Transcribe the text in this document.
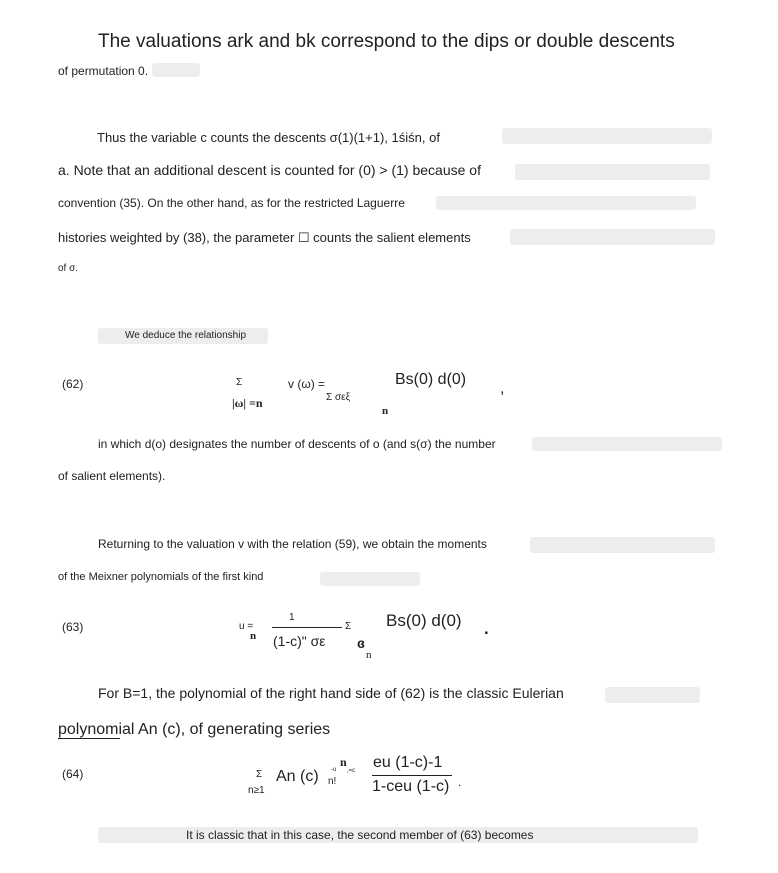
The valuations ark and bk correspond to the dips or double descents
of permutation 0.
Thus the variable c counts the descents σ(1)(1+1), 1śiśn, of
a. Note that an additional descent is counted for (0) > (1) because of
convention (35). On the other hand, as for the restricted Laguerre
histories weighted by (38), the parameter ☐ counts the salient elements
of σ.
We deduce the relationship
(62)	Σ
|ω| =n
v (ω) =
Σ σεξ
n
Bs(0) d(0)
,
in which d(o) designates the number of descents of o (and s(σ) the number
of salient elements).
Returning to the valuation v with the relation (59), we obtain the moments
of the Meixner polynomials of the first kind
(63)	u =
n
1
(1-c)" σε
Σ
ɞ
n
Bs(0) d(0) .
For B=1, the polynomial of the right hand side of (62) is the classic Eulerian
polynomial An (c), of generating series
(64)	Σ
n≥1
An (c)
n
n!
-u ,=c eu (1-c)-1
1-ceu (1-c) .
It is classic that in this case, the second member of (63) becomes
